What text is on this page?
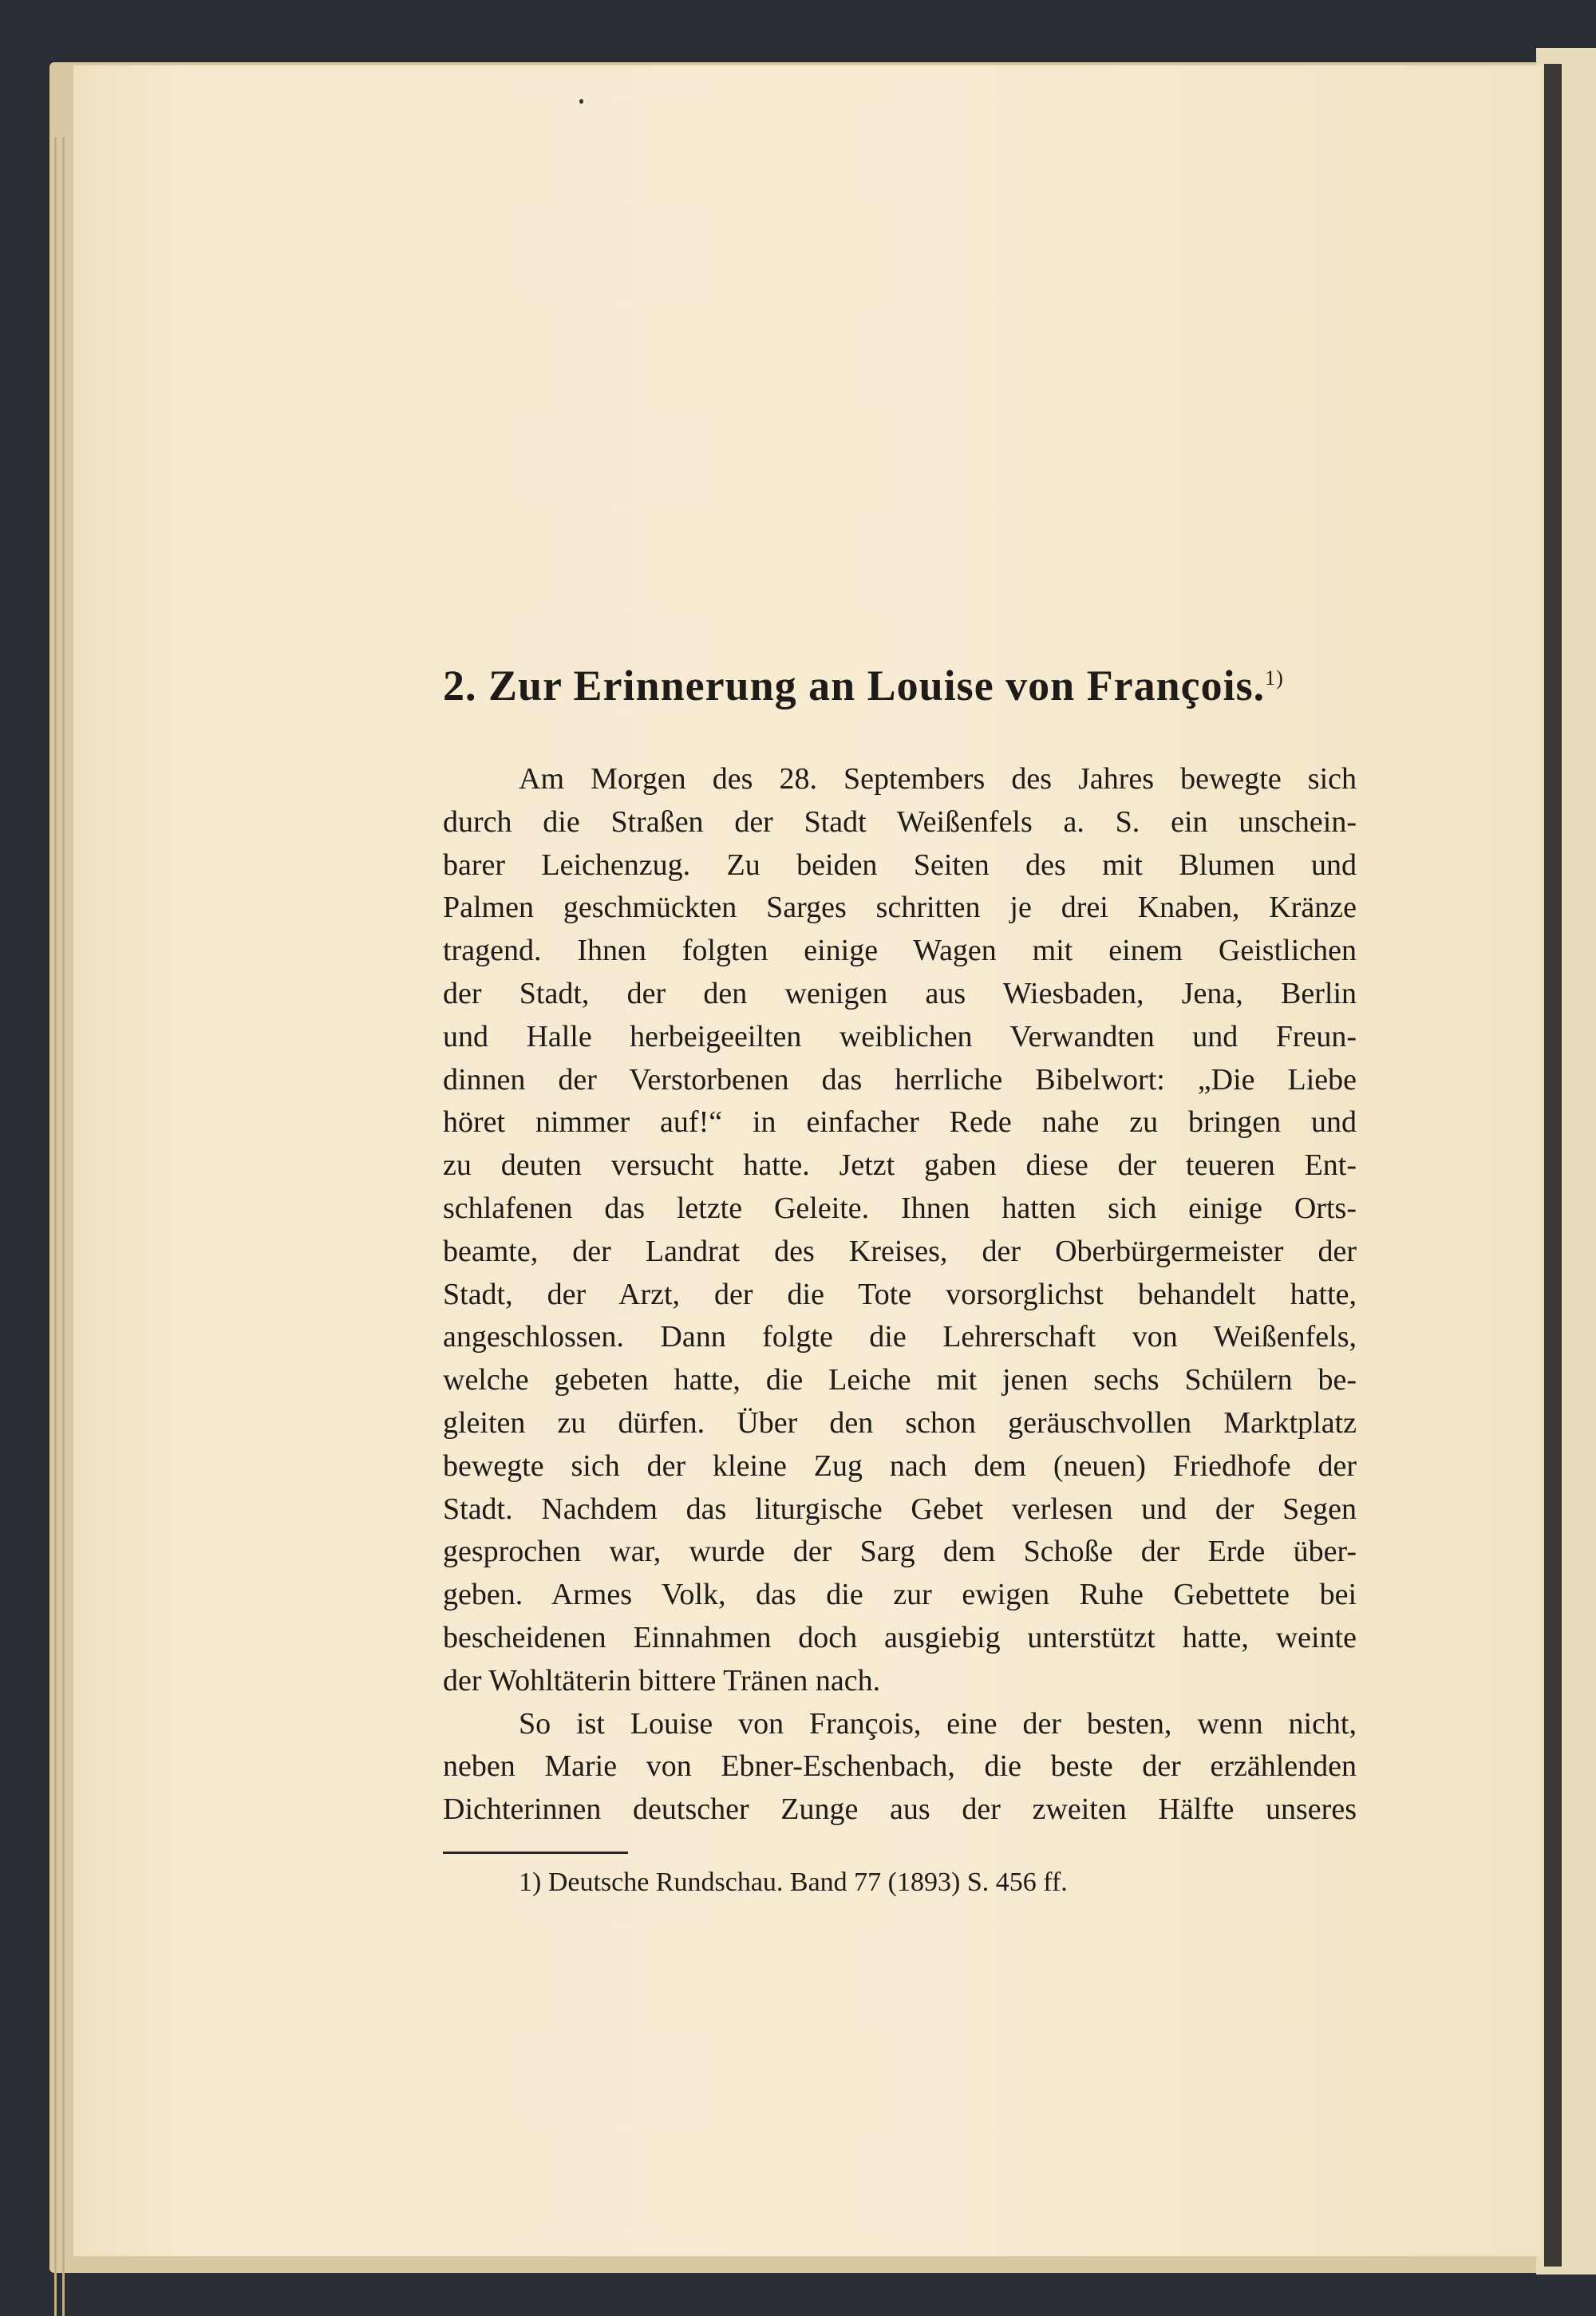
2. Zur Erinnerung an Louise von François.$^{1)}$
Am Morgen des 28. Septembers des Jahres bewegte sich
durch die Straßen der Stadt Weißenfels a. S. ein unschein-
barer Leichenzug. Zu beiden Seiten des mit Blumen und
Palmen geschmückten Sarges schritten je drei Knaben, Kränze
tragend. Ihnen folgten einige Wagen mit einem Geistlichen
der Stadt, der den wenigen aus Wiesbaden, Jena, Berlin
und Halle herbeigeeilten weiblichen Verwandten und Freun-
dinnen der Verstorbenen das herrliche Bibelwort: „Die Liebe
höret nimmer auf!“ in einfacher Rede nahe zu bringen und
zu deuten versucht hatte. Jetzt gaben diese der teueren Ent-
schlafenen das letzte Geleite. Ihnen hatten sich einige Orts-
beamte, der Landrat des Kreises, der Oberbürgermeister der
Stadt, der Arzt, der die Tote vorsorglichst behandelt hatte,
angeschlossen. Dann folgte die Lehrerschaft von Weißenfels,
welche gebeten hatte, die Leiche mit jenen sechs Schülern be-
gleiten zu dürfen. Über den schon geräuschvollen Marktplatz
bewegte sich der kleine Zug nach dem (neuen) Friedhofe der
Stadt. Nachdem das liturgische Gebet verlesen und der Segen
gesprochen war, wurde der Sarg dem Schoße der Erde über-
geben. Armes Volk, das die zur ewigen Ruhe Gebettete bei
bescheidenen Einnahmen doch ausgiebig unterstützt hatte, weinte
der Wohltäterin bittere Tränen nach.
So ist Louise von François, eine der besten, wenn nicht,
neben Marie von Ebner-Eschenbach, die beste der erzählenden
Dichterinnen deutscher Zunge aus der zweiten Hälfte unseres
1) Deutsche Rundschau. Band 77 (1893) S. 456 ff.
